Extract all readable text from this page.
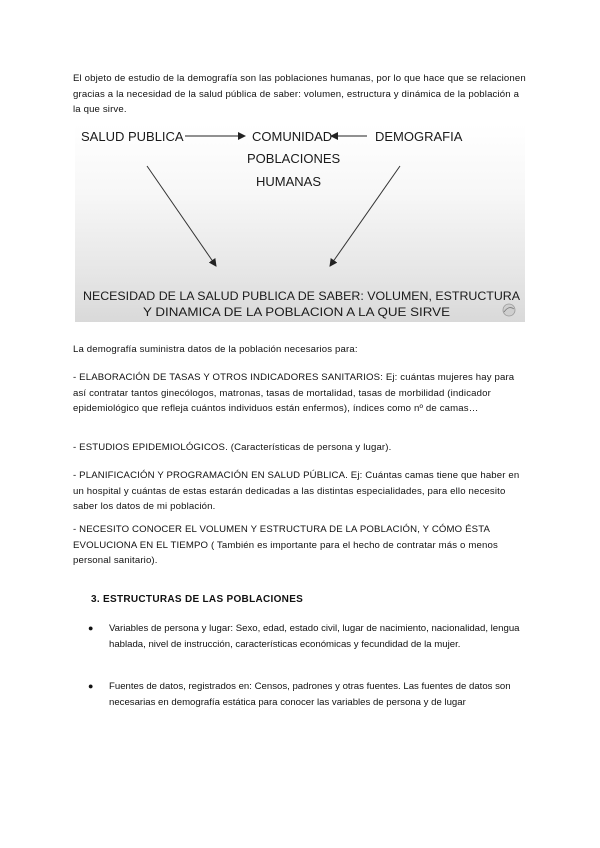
El objeto de estudio de la demografía son las poblaciones humanas, por lo que hace que se relacionen gracias a la necesidad de la salud pública de saber: volumen, estructura y dinámica de la población a la que sirve.

SALUD PUBLICA	COMUNIDAD	DEMOGRAFIA
POBLACIONES
HUMANAS
NECESIDAD DE LA SALUD PUBLICA DE SABER: VOLUMEN, ESTRUCTURA
Y DINAMICA DE LA POBLACION A LA QUE SIRVE

La demografía suministra datos de la población necesarios para:

- ELABORACIÓN DE TASAS Y OTROS INDICADORES SANITARIOS: Ej: cuántas mujeres hay para así contratar tantos ginecólogos, matronas, tasas de mortalidad, tasas de morbilidad (indicador epidemiológico que refleja cuántos individuos están enfermos), índices como nº de camas…

- ESTUDIOS EPIDEMIOLÓGICOS. (Características de persona y lugar).

- PLANIFICACIÓN Y PROGRAMACIÓN EN SALUD PÚBLICA. Ej: Cuántas camas tiene que haber en un hospital y cuántas de estas estarán dedicadas a las distintas especialidades, para ello necesito saber los datos de mi población.

- NECESITO CONOCER EL VOLUMEN Y ESTRUCTURA DE LA POBLACIÓN, Y CÓMO ÉSTA EVOLUCIONA EN EL TIEMPO ( También es importante para el hecho de contratar más o menos personal sanitario).

3. ESTRUCTURAS DE LAS POBLACIONES

● Variables de persona y lugar: Sexo, edad, estado civil, lugar de nacimiento, nacionalidad, lengua hablada, nivel de instrucción, características económicas y fecundidad de la mujer.
● Fuentes de datos, registrados en: Censos, padrones y otras fuentes. Las fuentes de datos son necesarias en demografía estática para conocer las variables de persona y de lugar
